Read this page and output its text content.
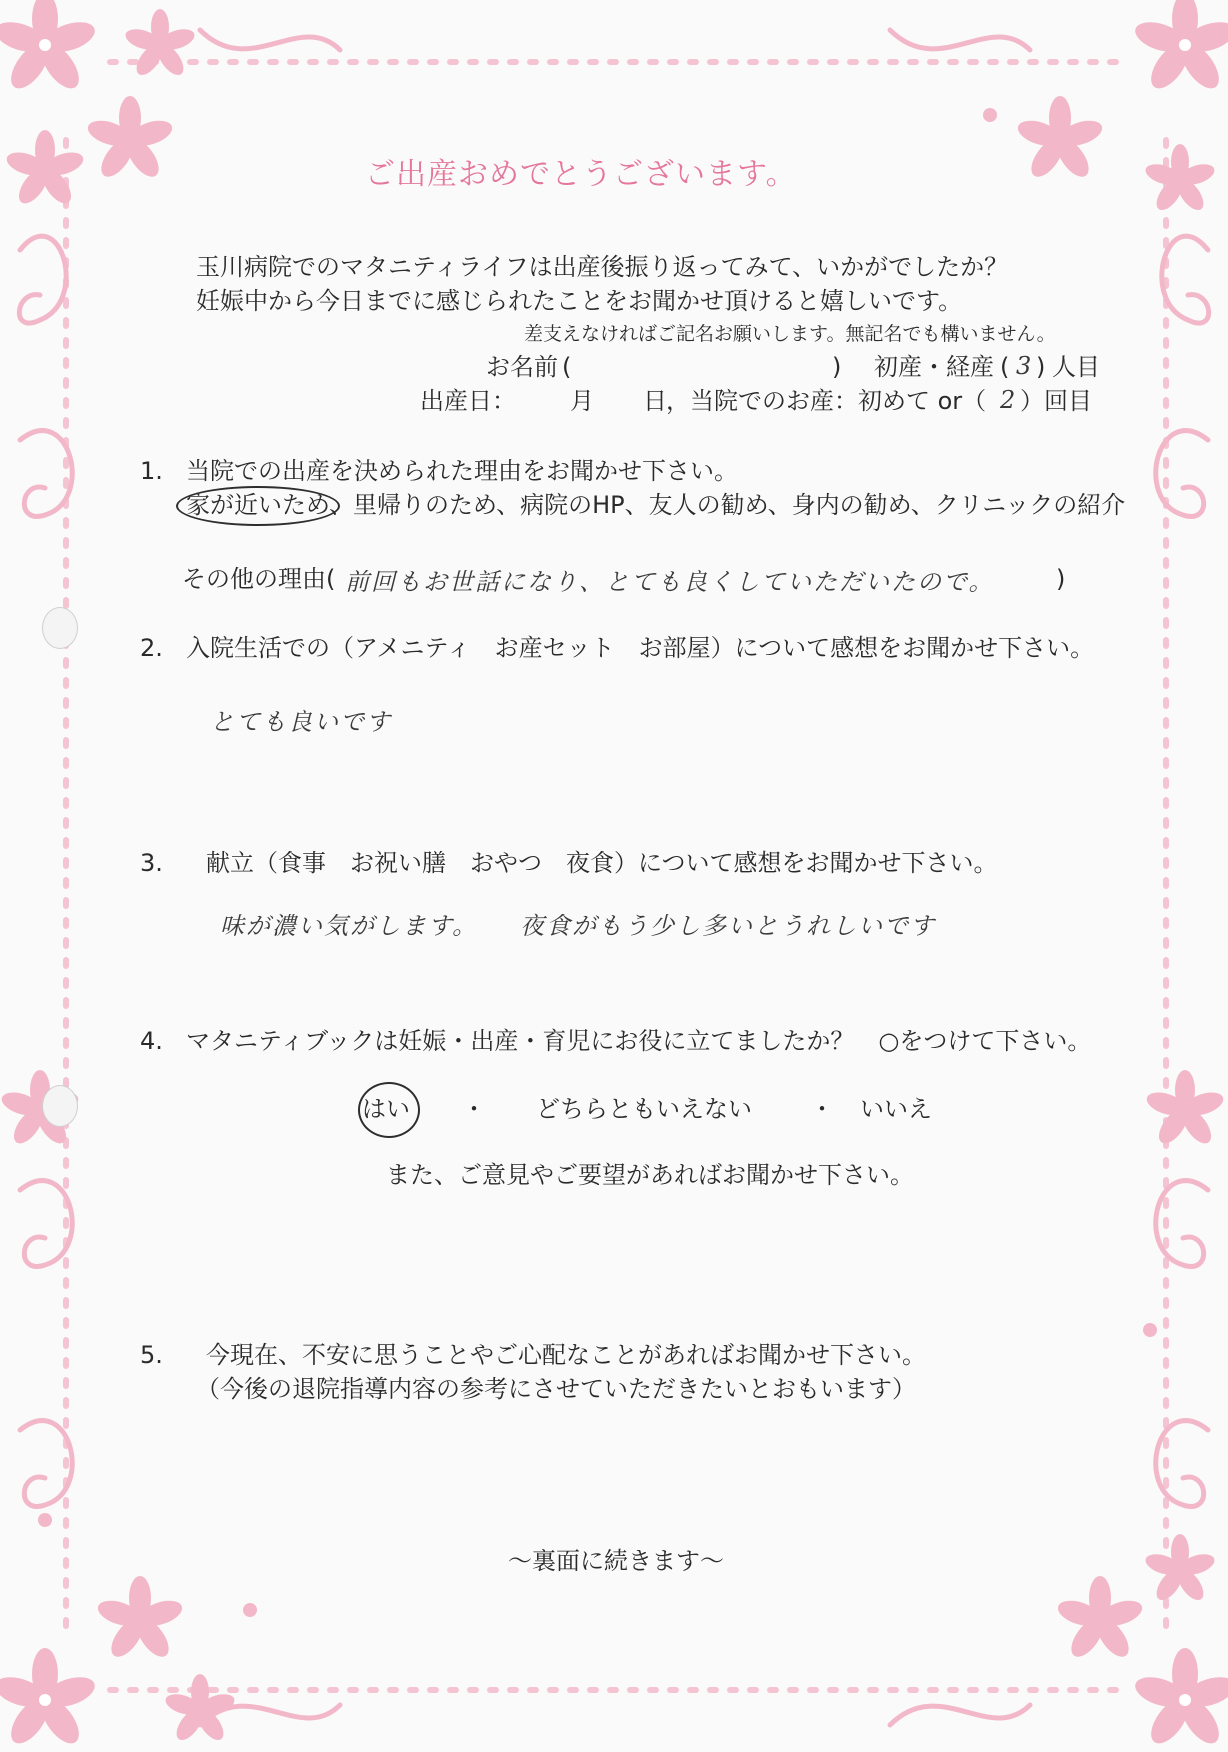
ご出産おめでとうございます。
玉川病院でのマタニティライフは出産後振り返ってみて、いかがでしたか？
妊娠中から今日までに感じられたことをお聞かせ頂けると嬉しいです。
差支えなければご記名お願いします。無記名でも構いません。
お名前 (	) 初産・経産 ( 3 ) 人目
出産日： 月 日 ，当院でのお産：初めて or（ 2 ）回目
1. 当院での出産を決められた理由をお聞かせ下さい。
家が近いため、里帰りのため、病院のHP、友人の勧め、身内の勧め、クリニックの紹介
その他の理由( 前回もお世話になり、とても良くしていただいたので。	)
2. 入院生活での（アメニティ　お産セット　お部屋）について感想をお聞かせ下さい。
とても良いです
3. 献立（食事　お祝い膳　おやつ　夜食）について感想をお聞かせ下さい。
味が濃い気がします。 夜食がもう少し多いとうれしいです
4. マタニティブックは妊娠・出産・育児にお役に立てましたか？　○をつけて下さい。
はい ・ どちらともいえない ・ いいえ
また、ご意見やご要望があればお聞かせ下さい。
5. 今現在、不安に思うことやご心配なことがあればお聞かせ下さい。
（今後の退院指導内容の参考にさせていただきたいとおもいます）
～裏面に続きます～
